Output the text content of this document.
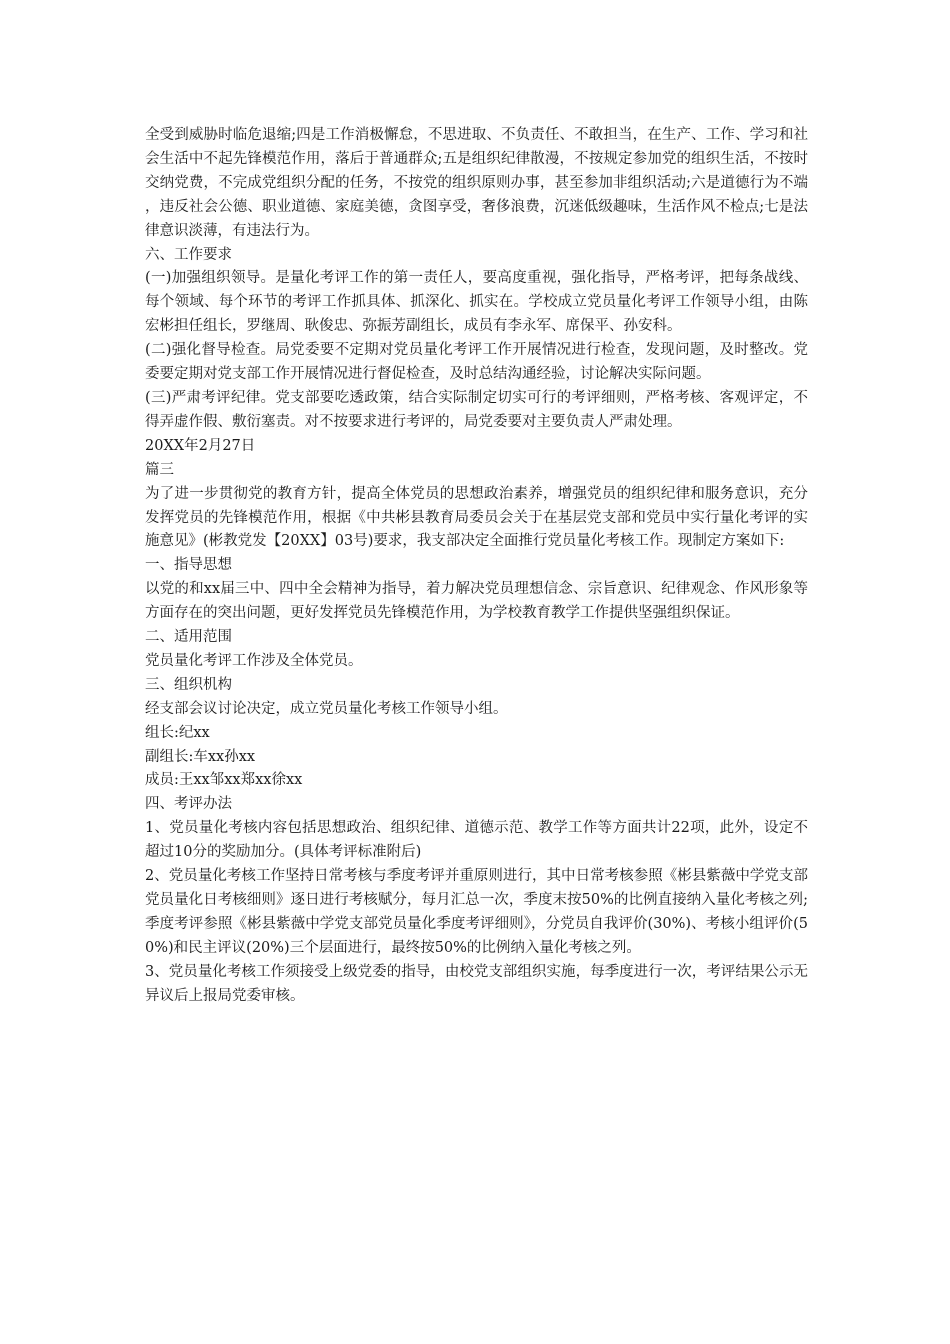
全受到威胁时临危退缩;四是工作消极懈怠，不思进取、不负责任、不敢担当，在生产、工作、学习和社会生活中不起先锋模范作用，落后于普通群众;五是组织纪律散漫，不按规定参加党的组织生活，不按时交纳党费，不完成党组织分配的任务，不按党的组织原则办事，甚至参加非组织活动;六是道德行为不端，违反社会公德、职业道德、家庭美德，贪图享受，奢侈浪费，沉迷低级趣味，生活作风不检点;七是法律意识淡薄，有违法行为。

六、工作要求

(一)加强组织领导。是量化考评工作的第一责任人，要高度重视，强化指导，严格考评，把每条战线、每个领域、每个环节的考评工作抓具体、抓深化、抓实在。学校成立党员量化考评工作领导小组，由陈宏彬担任组长，罗继周、耿俊忠、弥振芳副组长，成员有李永军、席保平、孙安科。

(二)强化督导检查。局党委要不定期对党员量化考评工作开展情况进行检查，发现问题，及时整改。党委要定期对党支部工作开展情况进行督促检查，及时总结沟通经验，讨论解决实际问题。

(三)严肃考评纪律。党支部要吃透政策，结合实际制定切实可行的考评细则，严格考核、客观评定，不得弄虚作假、敷衍塞责。对不按要求进行考评的，局党委要对主要负责人严肃处理。

20XX年2月27日

篇三

为了进一步贯彻党的教育方针，提高全体党员的思想政治素养，增强党员的组织纪律和服务意识，充分发挥党员的先锋模范作用，根据《中共彬县教育局委员会关于在基层党支部和党员中实行量化考评的实施意见》(彬教党发【20XX】03号)要求，我支部决定全面推行党员量化考核工作。现制定方案如下:

一、指导思想

以党的和xx届三中、四中全会精神为指导，着力解决党员理想信念、宗旨意识、纪律观念、作风形象等方面存在的突出问题，更好发挥党员先锋模范作用，为学校教育教学工作提供坚强组织保证。

二、适用范围

党员量化考评工作涉及全体党员。

三、组织机构

经支部会议讨论决定，成立党员量化考核工作领导小组。

组长:纪xx

副组长:车xx孙xx

成员:王xx邹xx郑xx徐xx

四、考评办法

1、党员量化考核内容包括思想政治、组织纪律、道德示范、教学工作等方面共计22项，此外，设定不超过10分的奖励加分。(具体考评标准附后)

2、党员量化考核工作坚持日常考核与季度考评并重原则进行，其中日常考核参照《彬县紫薇中学党支部党员量化日考核细则》逐日进行考核赋分，每月汇总一次，季度末按50%的比例直接纳入量化考核之列;季度考评参照《彬县紫薇中学党支部党员量化季度考评细则》，分党员自我评价(30%)、考核小组评价(50%)和民主评议(20%)三个层面进行，最终按50%的比例纳入量化考核之列。

3、党员量化考核工作须接受上级党委的指导，由校党支部组织实施，每季度进行一次，考评结果公示无异议后上报局党委审核。
